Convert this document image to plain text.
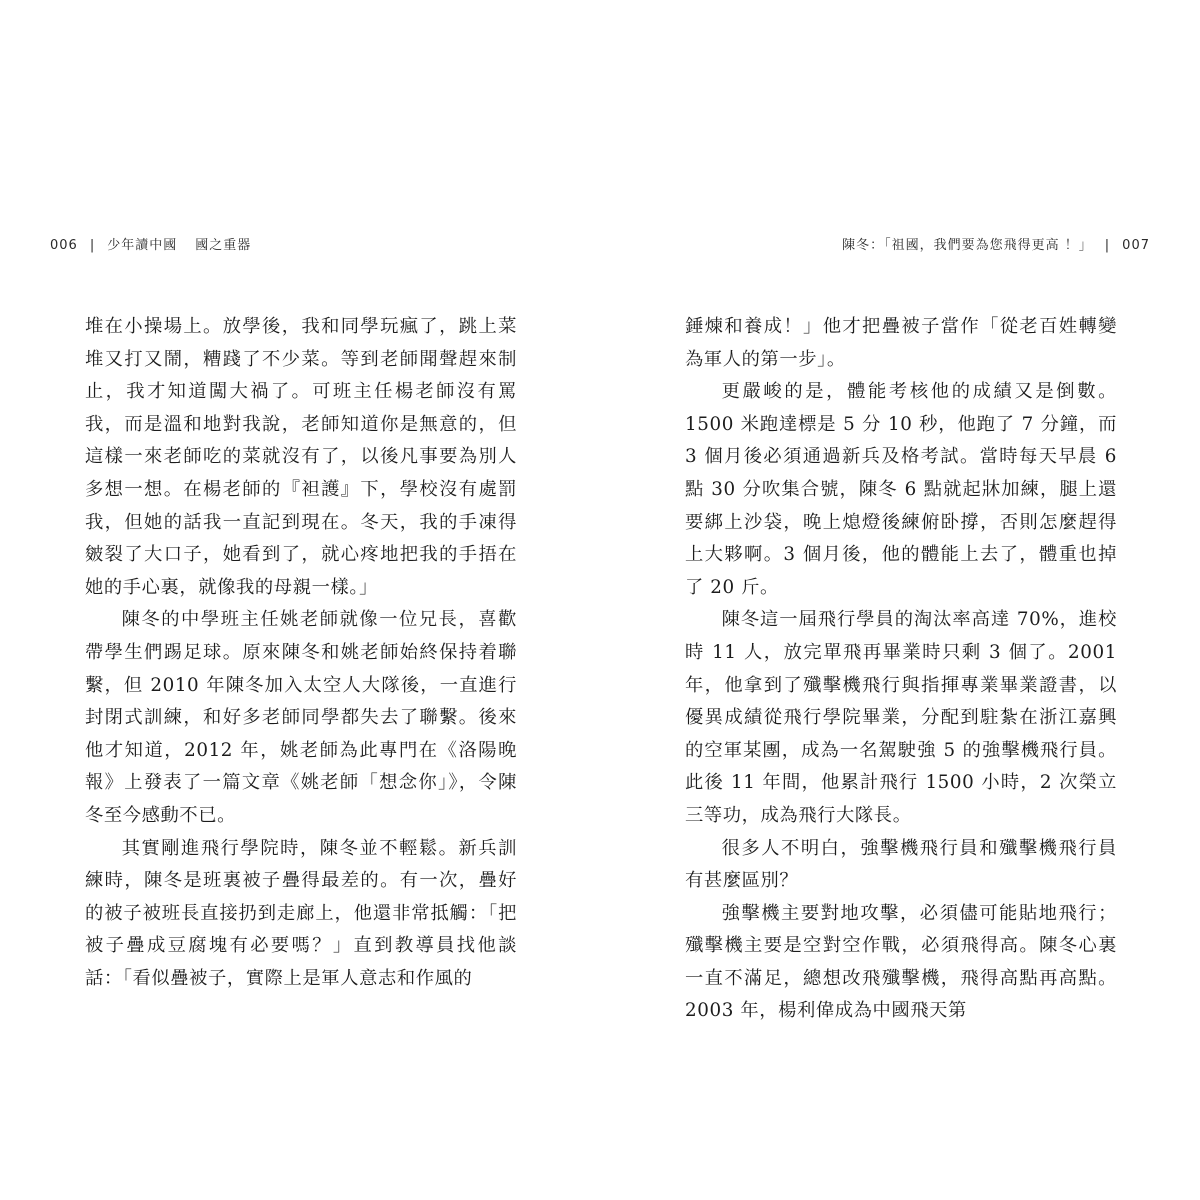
006 | 少年讀中國 國之重器

堆在小操場上。放學後，我和同學玩瘋了，跳上菜堆又打又鬧，糟踐了不少菜。等到老師聞聲趕來制止，我才知道闖大禍了。可班主任楊老師沒有罵我，而是溫和地對我說，老師知道你是無意的，但這樣一來老師吃的菜就沒有了，以後凡事要為別人多想一想。在楊老師的『袒護』下，學校沒有處罰我，但她的話我一直記到現在。冬天，我的手凍得皴裂了大口子，她看到了，就心疼地把我的手捂在她的手心裏，就像我的母親一樣。」

陳冬的中學班主任姚老師就像一位兄長，喜歡帶學生們踢足球。原來陳冬和姚老師始終保持着聯繫，但 2010 年陳冬加入太空人大隊後，一直進行封閉式訓練，和好多老師同學都失去了聯繫。後來他才知道，2012 年，姚老師為此專門在《洛陽晚報》上發表了一篇文章《姚老師「想念你」》，令陳冬至今感動不已。

其實剛進飛行學院時，陳冬並不輕鬆。新兵訓練時，陳冬是班裏被子疊得最差的。有一次，疊好的被子被班長直接扔到走廊上，他還非常抵觸：「把被子疊成豆腐塊有必要嗎？」直到教導員找他談話：「看似疊被子，實際上是軍人意志和作風的

陳冬：「祖國，我們要為您飛得更高 ！」 | 007

錘煉和養成！」他才把疊被子當作「從老百姓轉變為軍人的第一步」。

更嚴峻的是，體能考核他的成績又是倒數。1500 米跑達標是 5 分 10 秒，他跑了 7 分鐘，而 3 個月後必須通過新兵及格考試。當時每天早晨 6 點 30 分吹集合號，陳冬 6 點就起牀加練，腿上還要綁上沙袋，晚上熄燈後練俯卧撐，否則怎麼趕得上大夥啊。3 個月後，他的體能上去了，體重也掉了 20 斤。

陳冬這一屆飛行學員的淘汰率高達 70%，進校時 11 人，放完單飛再畢業時只剩 3 個了。2001 年，他拿到了殲擊機飛行與指揮專業畢業證書，以優異成績從飛行學院畢業，分配到駐紮在浙江嘉興的空軍某團，成為一名駕駛強 5 的強擊機飛行員。此後 11 年間，他累計飛行 1500 小時，2 次榮立三等功，成為飛行大隊長。

很多人不明白，強擊機飛行員和殲擊機飛行員有甚麼區別？

強擊機主要對地攻擊，必須儘可能貼地飛行；殲擊機主要是空對空作戰，必須飛得高。陳冬心裏一直不滿足，總想改飛殲擊機，飛得高點再高點。2003 年，楊利偉成為中國飛天第
